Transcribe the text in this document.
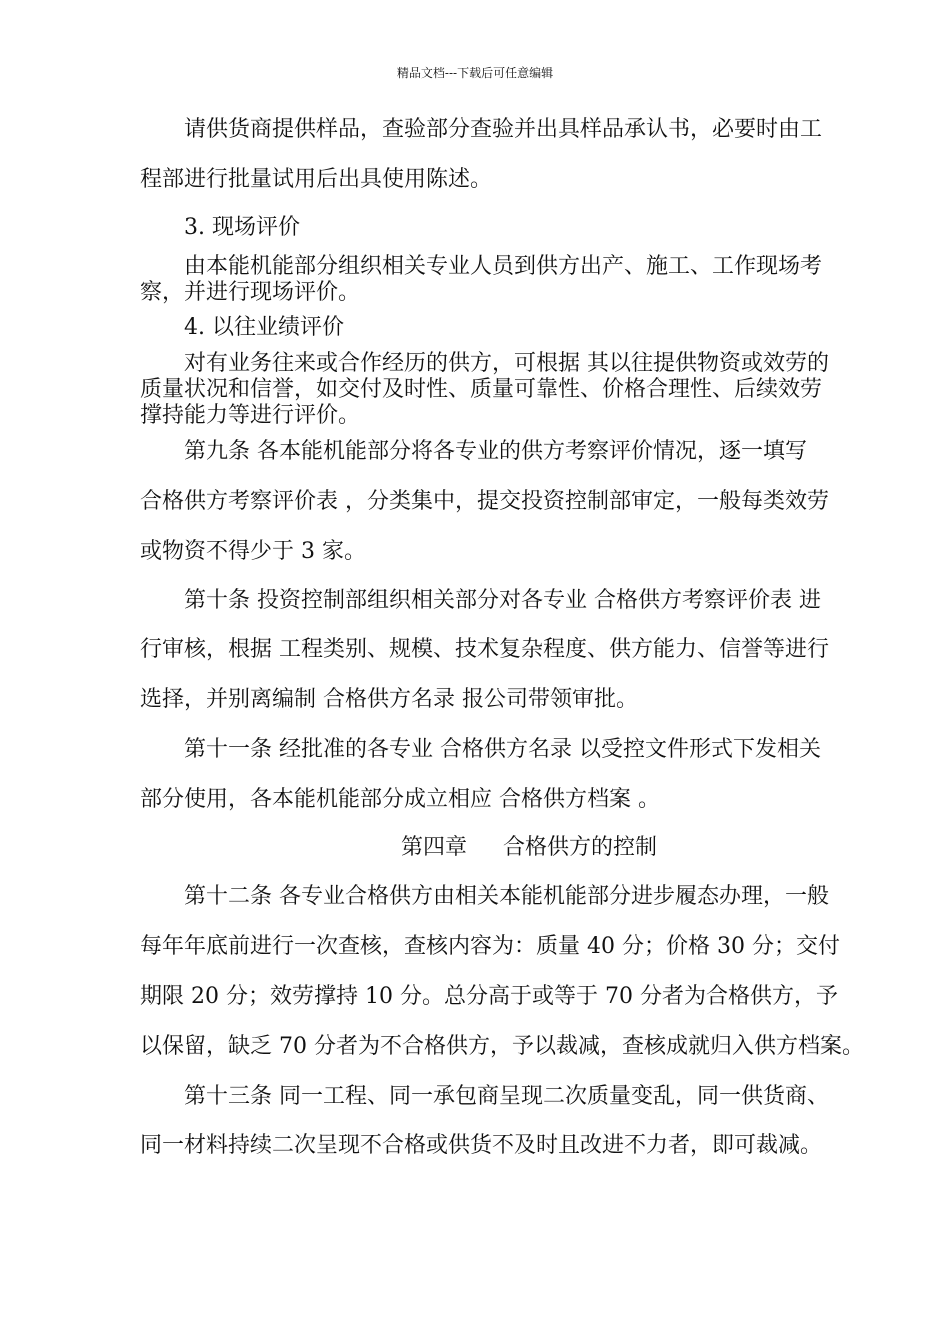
精品文档---下载后可任意编辑
请供货商提供样品，查验部分查验并出具样品承认书，必要时由工
程部进行批量试用后出具使用陈述。
3. 现场评价
由本能机能部分组织相关专业人员到供方出产、施工、工作现场考
察，并进行现场评价。
4. 以往业绩评价
对有业务往来或合作经历的供方，可根据 其以往提供物资或效劳的
质量状况和信誉，如交付及时性、质量可靠性、价格合理性、后续效劳
撑持能力等进行评价。
第九条 各本能机能部分将各专业的供方考察评价情况，逐一填写
合格供方考察评价表 ，分类集中，提交投资控制部审定，一般每类效劳
或物资不得少于 3 家。
第十条 投资控制部组织相关部分对各专业 合格供方考察评价表 进
行审核，根据 工程类别、规模、技术复杂程度、供方能力、信誉等进行
选择，并别离编制 合格供方名录 报公司带领审批。
第十一条 经批准的各专业 合格供方名录 以受控文件形式下发相关
部分使用，各本能机能部分成立相应 合格供方档案 。
第四章 　 合格供方的控制
第十二条 各专业合格供方由相关本能机能部分进步履态办理，一般
每年年底前进行一次查核，查核内容为：质量 40 分；价格 30 分；交付
期限 20 分；效劳撑持 10 分。总分高于或等于 70 分者为合格供方，予
以保留，缺乏 70 分者为不合格供方，予以裁减，查核成就归入供方档案。
第十三条 同一工程、同一承包商呈现二次质量变乱，同一供货商、
同一材料持续二次呈现不合格或供货不及时且改进不力者，即可裁减。
